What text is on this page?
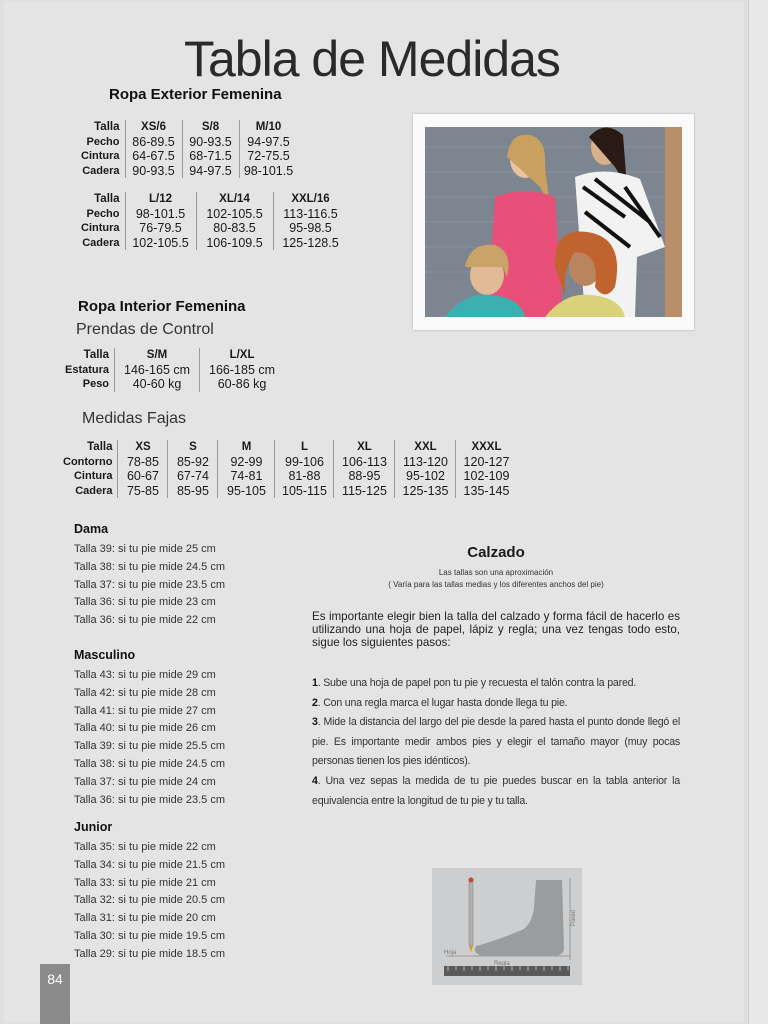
Tabla de Medidas
Ropa Exterior Femenina
Talla	XS/6	S/8	M/10
Pecho	86-89.5	90-93.5	94-97.5
Cintura	64-67.5	68-71.5	72-75.5
Cadera	90-93.5	94-97.5	98-101.5
Talla	L/12	XL/14	XXL/16
Pecho	98-101.5	102-105.5	113-116.5
Cintura	76-79.5	80-83.5	95-98.5
Cadera	102-105.5	106-109.5	125-128.5
Ropa Interior Femenina
Prendas de Control
Talla	S/M	L/XL
Estatura	146-165 cm	166-185 cm
Peso	40-60 kg	60-86 kg
Medidas Fajas
Talla	XS	S	M	L	XL	XXL	XXXL
Contorno	78-85	85-92	92-99	99-106	106-113	113-120	120-127
Cintura	60-67	67-74	74-81	81-88	88-95	95-102	102-109
Cadera	75-85	85-95	95-105	105-115	115-125	125-135	135-145
Dama
Talla 39: si tu pie mide 25 cm
Talla 38: si tu pie mide 24.5 cm
Talla 37: si tu pie mide 23.5 cm
Talla 36: si tu pie mide 23 cm
Talla 36: si tu pie mide 22 cm
Masculino
Talla 43: si tu pie mide 29 cm
Talla 42: si tu pie mide 28 cm
Talla 41: si tu pie mide 27 cm
Talla 40: si tu pie mide 26 cm
Talla 39: si tu pie mide 25.5 cm
Talla 38: si tu pie mide 24.5 cm
Talla 37: si tu pie mide 24 cm
Talla 36: si tu pie mide 23.5 cm
Junior
Talla 35: si tu pie mide 22 cm
Talla 34: si tu pie mide 21.5 cm
Talla 33: si tu pie mide 21 cm
Talla 32: si tu pie mide 20.5 cm
Talla 31: si tu pie mide 20 cm
Talla 30: si tu pie mide 19.5 cm
Talla 29: si tu pie mide 18.5 cm
Calzado
Las tallas son una aproximación
( Varía para las tallas medias y los diferentes anchos del pie)
Es importante elegir bien la talla del calzado y forma fácil de hacerlo es utilizando una hoja de papel, lápiz y regla; una vez tengas todo esto, sigue los siguientes pasos:
1. Sube una hoja de papel pon tu pie y recuesta el talón contra la pared.
2. Con una regla marca el lugar hasta donde llega tu pie.
3. Mide la distancia del largo del pie desde la pared hasta el punto donde llegó el pie. Es importante medir ambos pies y elegir el tamaño mayor (muy pocas personas tienen los pies idénticos).
4. Una vez sepas la medida de tu pie puedes buscar en la tabla anterior la equivalencia entre la longitud de tu pie y tu talla.
Hoja
Regla
Pared
84
